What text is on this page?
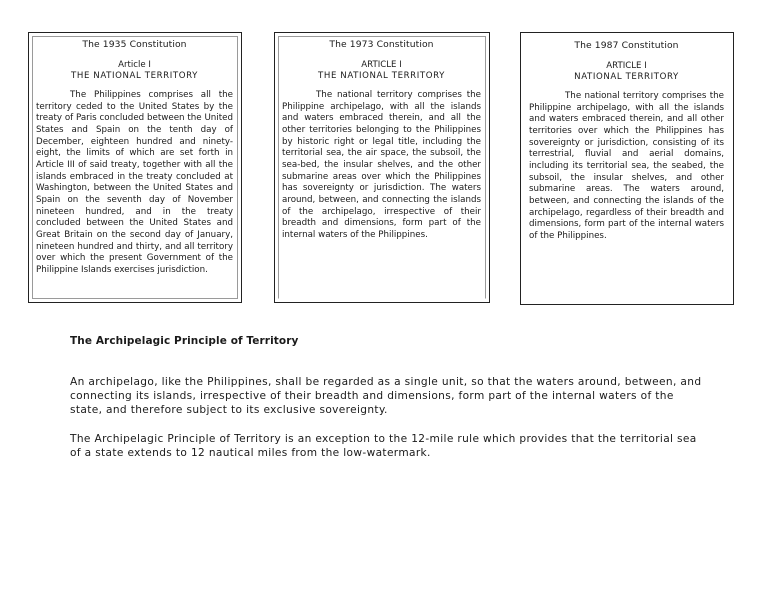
The 1935 Constitution

Article I

THE NATIONAL TERRITORY

The Philippines comprises all the territory ceded to the United States by the treaty of Paris concluded between the United States and Spain on the tenth day of December, eighteen hundred and ninety-eight, the limits of which are set forth in Article III of said treaty, together with all the islands embraced in the treaty concluded at Washington, between the United States and Spain on the seventh day of November nineteen hundred, and in the treaty concluded between the United States and Great Britain on the second day of January, nineteen hundred and thirty, and all territory over which the present Government of the Philippine Islands exercises jurisdiction.

The 1973 Constitution

ARTICLE I

THE NATIONAL TERRITORY

The national territory comprises the Philippine archipelago, with all the islands and waters embraced therein, and all the other territories belonging to the Philippines by historic right or legal title, including the territorial sea, the air space, the subsoil, the sea-bed, the insular shelves, and the other submarine areas over which the Philippines has sovereignty or jurisdiction. The waters around, between, and connecting the islands of the archipelago, irrespective of their breadth and dimensions, form part of the internal waters of the Philippines.

The 1987 Constitution

ARTICLE I

NATIONAL TERRITORY

The national territory comprises the Philippine archipelago, with all the islands and waters embraced therein, and all other territories over which the Philippines has sovereignty or jurisdiction, consisting of its terrestrial, fluvial and aerial domains, including its territorial sea, the seabed, the subsoil, the insular shelves, and other submarine areas. The waters around, between, and connecting the islands of the archipelago, regardless of their breadth and dimensions, form part of the internal waters of the Philippines.

The Archipelagic Principle of Territory

An archipelago, like the Philippines, shall be regarded as a single unit, so that the waters around, between, and connecting its islands, irrespective of their breadth and dimensions, form part of the internal waters of the state, and therefore subject to its exclusive sovereignty.

The Archipelagic Principle of Territory is an exception to the 12-mile rule which provides that the territorial sea of a state extends to 12 nautical miles from the low-watermark.
